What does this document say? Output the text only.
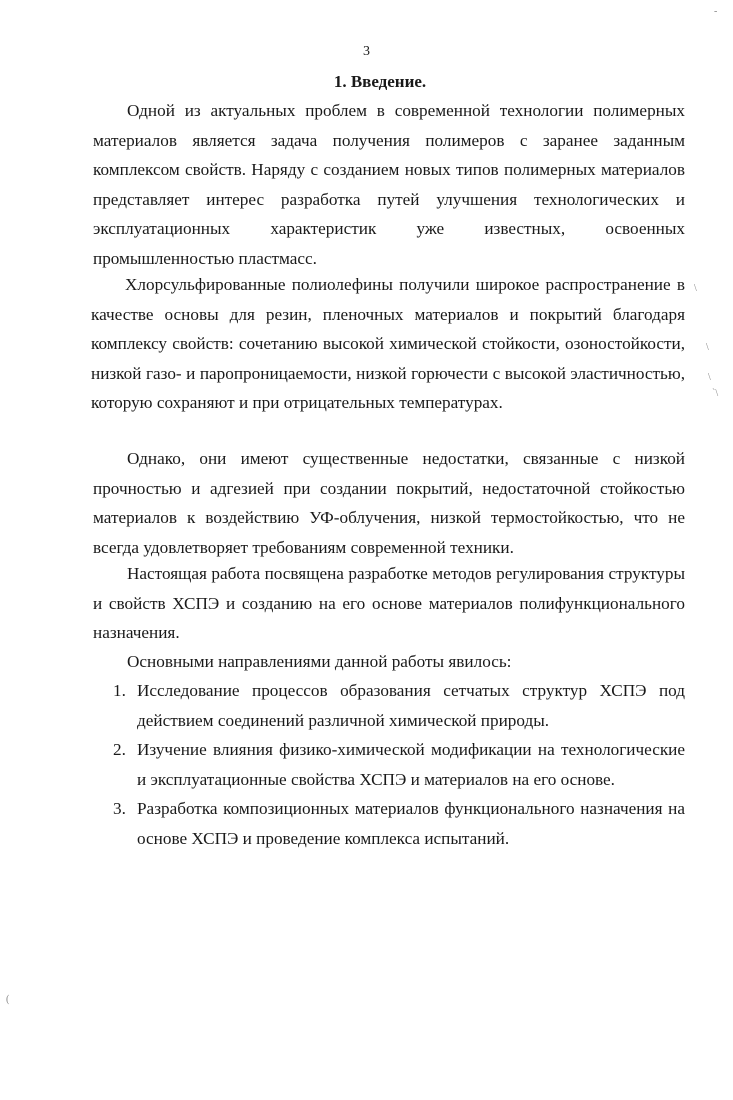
3
1. Введение.

Одной из актуальных проблем в современной технологии полимерных материалов является задача получения полимеров с заранее заданным комплексом свойств. Наряду с созданием новых типов полимерных материалов представляет интерес разработка путей улучшения технологических и эксплуатационных характеристик уже известных, освоенных промышленностью пластмасс.

Хлорсульфированные полиолефины получили широкое распространение в качестве основы для резин, пленочных материалов и покрытий благодаря комплексу свойств: сочетанию высокой химической стойкости, озоностойкости, низкой газо- и паропроницаемости, низкой горючести с высокой эластичностью, которую сохраняют и при отрицательных температурах.

Однако, они имеют существенные недостатки, связанные с низкой прочностью и адгезией при создании покрытий, недостаточной стойкостью материалов к воздействию УФ-облучения, низкой термостойкостью, что не всегда удовлетворяет требованиям современной техники.

Настоящая работа посвящена разработке методов регулирования структуры и свойств ХСПЭ и созданию на его основе материалов полифункционального назначения.

Основными направлениями данной работы явилось:

1. Исследование процессов образования сетчатых структур ХСПЭ под действием соединений различной химической природы.
2. Изучение влияния физико-химической модификации на технологические и эксплуатационные свойства ХСПЭ и материалов на его основе.
3. Разработка композиционных материалов функционального назначения на основе ХСПЭ и проведение комплекса испытаний.
\
\
\
`\
(
-
